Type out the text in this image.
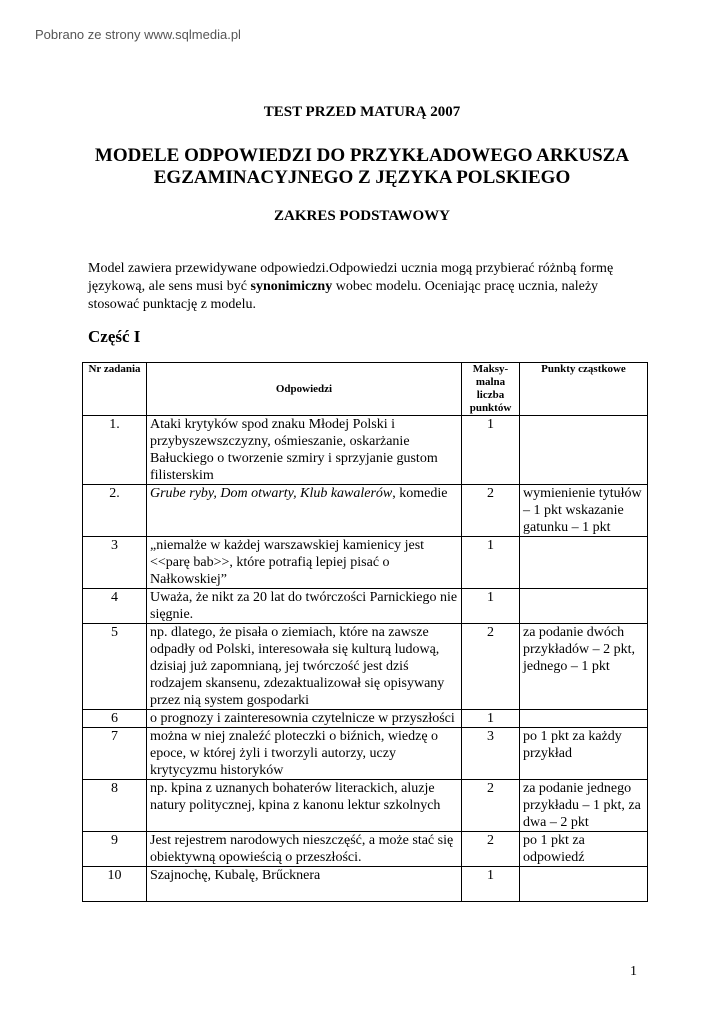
Pobrano ze strony www.sqlmedia.pl
TEST PRZED MATURĄ 2007
MODELE ODPOWIEDZI DO PRZYKŁADOWEGO ARKUSZA EGZAMINACYJNEGO Z JĘZYKA POLSKIEGO
ZAKRES PODSTAWOWY
Model zawiera przewidywane odpowiedzi.Odpowiedzi ucznia mogą przybierać różnbą formę językową, ale sens musi być synonimiczny wobec modelu. Oceniając pracę ucznia, należy stosować punktację z modelu.
Część I
Nr zadania	Odpowiedzi	Maksy-malna liczba punktów	Punkty cząstkowe
1.	Ataki krytyków spod znaku Młodej Polski i przybyszewszczyzny, ośmieszanie, oskarżanie Bałuckiego o tworzenie szmiry i sprzyjanie gustom filisterskim	1	
2.	Grube ryby, Dom otwarty, Klub kawalerów, komedie	2	wymienienie tytułów – 1 pkt wskazanie gatunku – 1 pkt
3	„niemalże w każdej warszawskiej kamienicy jest <<parę bab>>, które potrafią lepiej pisać o Nałkowskiej”	1	
4	Uważa, że nikt za 20 lat do twórczości Parnickiego nie sięgnie.	1	
5	np. dlatego, że pisała o ziemiach, które na zawsze odpadły od Polski, interesowała się kulturą ludową, dzisiaj już zapomnianą, jej twórczość jest dziś rodzajem skansenu, zdezaktualizował się opisywany przez nią system gospodarki	2	za podanie dwóch przykładów – 2 pkt, jednego – 1 pkt
6	o prognozy i zainteresownia czytelnicze w przyszłości	1	
7	można w niej znaleźć ploteczki o biźnich, wiedzę o epoce, w której żyli i tworzyli autorzy, uczy krytycyzmu historyków	3	po 1 pkt za każdy przykład
8	np. kpina z uznanych bohaterów literackich, aluzje natury politycznej, kpina z kanonu lektur szkolnych	2	za podanie jednego przykładu – 1 pkt, za dwa – 2 pkt
9	Jest rejestrem narodowych nieszczęść, a może stać się obiektywną opowieścią o przeszłości.	2	po 1 pkt za odpowiedź
10	Szajnochę, Kubalę, Brűcknera	1	
1
